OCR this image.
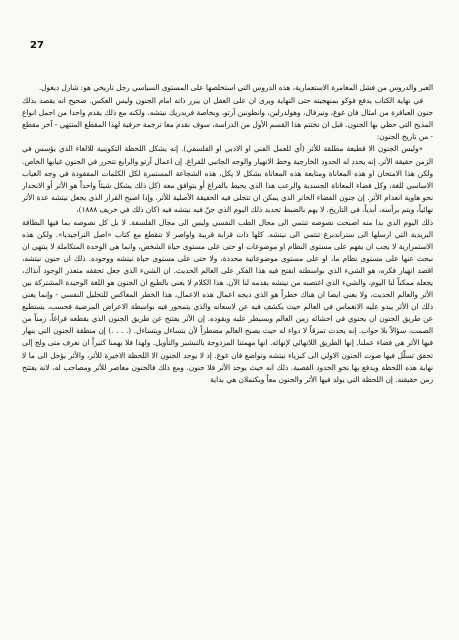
27

العبر والدروس من فشل المغامرة الاستعمارية، هذه الدروس التي استخلصها على المستوى السياسي رجل تاريخي هو: شارل ديغول.

في نهاية الكتاب يدفع فوكو بمنهجيته حتى النهاية ويرى ان على العقل ان يبرر ذاته امام الجنون وليس العكس. صحيح انه يقصد بذلك جنون العباقرة من امثال فان غوغ، ونيرفال، وهولدرلين، وانطونين آرتو، وبخاصة فريدريك نيتشه. ولكنه مع ذلك يقدم واحدا من اجمل انواع المديح التي حظي بها الجنون. قبل ان نختتم هذا القسم الأول من الدراسة، سوف نقدم معا ترجمة حرفية لهذا المقطع المنتهي - آخر مقطع - من تاريخ الجنون:

«وليس الجنون الا قطيعة مطلقة للأثر (أي للعمل الفني او الادبي او الفلسفي). إنه يشكل اللحظة التكوينية للالغاء الذي يؤسس في الزمن حقيقة الأثر. إنه يحدد له الحدود الخارجية وخط الانهيار والوجه الجانبي للفراغ. إن اعمال آرتو والرابع تتحرر في الجنون غيابها الخاص. ولكن هذا الامتحان او هذه المعاناة ومتابعة هذه المعاناة بشكل لا يكل، هذه الشجاعة المستمرة لكل الكلمات المفقودة في وجه الغياب الاساسي للغة، وكل فضاء المعاناة الجسدية والرعب هذا الذي يحيط بالفراغ أو يتوافق معه (كل ذلك يشكل شيئاً واحداً هو الأثر أو الانحدار نحو هاوية انعدام الأثر. إن جنون الفضاء الخاتر الذي يمكن ان تتجلى فيه الحقيقة الأصلية للأثر. وإذا اصبح القرار الذي يجعل نيتشه عدة الأثر نهائياً، ويتم برأسه، أبدياً، في التاريخ. لا يهم بالضبط تحديد ذلك اليوم الذي جنّ فيه نيتشه فيه (كان ذلك في خريف ١٨٨٨)،

ذلك اليوم الذي بدا منه اصبحت نصوصه تنتمي الى مجال الطب النفسي وليس الى مجال الفلسفة. لا بل كل نصوصه بما فيها البطاقة البريدية التي ارسلها الى ستراندبرغ تنتمي الى نيتشه. كلها ذات قرابة قريبة واواصر لا تنقطع مع كتاب «اصل التراجيديا». ولكن هذه الاستمرارية لا يجب ان يفهم على مستوى النظام او موضوعات او حتى على مستوى حياة الشخص، وانما هي الوحدة المتكاملة لا ينتهي ان نبحث عنها على مستوى نظام ما، او على مستوى موضوعاتية محددة، ولا حتى على مستوى حياة نيتشه ووجوده. ذلك ان جنون نيتشه، اقصد انهيار فكره، هو الشيء الذي بواسطته انفتح فيه هذا الفكر على العالم الحديث. ان الشيء الذي جعل تحققه متعذر الوجود آنذاك، يجعله ممكناً لنا اليوم، والشيء الذي اغتصبه من نيتشه يقدمه لنا الآن. هذا الكلام لا يعني بالطبع ان الجنون هو اللغة الوحيدة المشتركة بين الأثر والعالم الحديث، ولا يعني ايضا ان هناك خطراً هو الذي ذيجه اعمال هذه الاعمال، هذا الخطر المعاكس للتحليل النفسي - وإنما يعني ذلك ان الأثر يبدو عليه الانغماس في العالم حيث يكشف فيه عن لاسعاته والذي يتمحور فيه بواسطة الاعراض المرضية فحسب، يستطيع عن طريق الجنون ان يحتوي في احشائه زمن العالم ويسيطر عليه ويقوده. إن الأثر يفتتح عن طريق الجنون الذي يقطعه فراغاً، زمناً من الصمت، سؤالاً بلا جواب. إنه يحدث تمزقاً لا دواء له حيث يصبح العالم مضطراً لأن يتساءل ويتساءل. (. . . .) إن منطقة الجنون التي ينهار فيها الأثر هي فضاء عملنا. إنها الطريق اللانهائي لإنهائه. انها مهمتنا المزدوجة بالتبشير والتأويل. ولهذا فلا يهمنا كثيراً ان نعرف متى ولج إلى تحقق تسلّل فيها صوت الجنون الاولي الى كبرياء نيتشه وتواضع فان غوغ. إذ لا يوجد الجنون الا اللحظة الاخيرة للأثر، والأثر يؤجل الى ما لا نهاية هذه اللحظة ويدفع بها نحو الحدود القصية. ذلك انه حيث يوجد الأثر فلا جنون. ومع ذلك فالجنون معاصر للأثر ومصاحب له، لانه يفتتح زمن حقيقته. إن اللحظة التي يولد فيها الأثر والجنون معاً ويكتملان هي بداية
